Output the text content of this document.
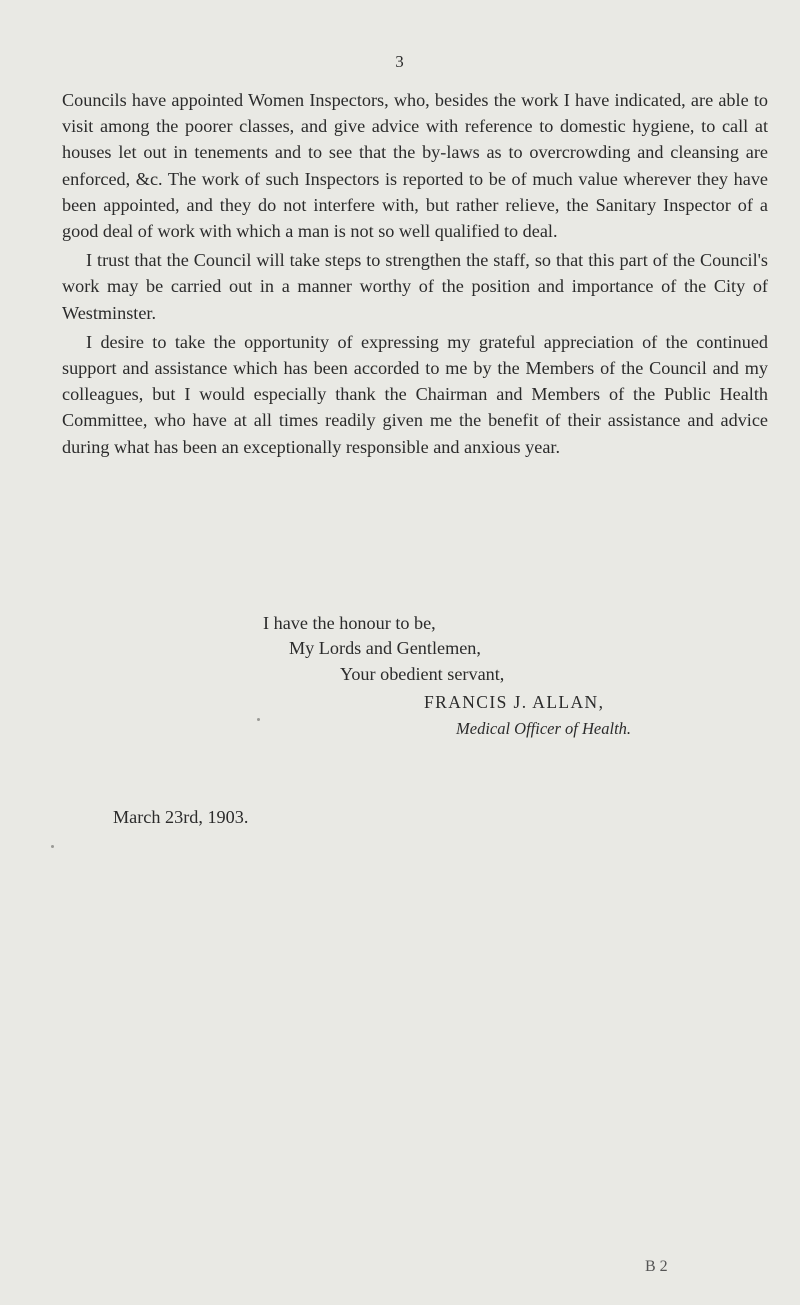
3

Councils have appointed Women Inspectors, who, besides the work I have indicated, are able to visit among the poorer classes, and give advice with reference to domestic hygiene, to call at houses let out in tenements and to see that the by-laws as to overcrowding and cleansing are enforced, &c. The work of such Inspectors is reported to be of much value wherever they have been appointed, and they do not interfere with, but rather relieve, the Sanitary Inspector of a good deal of work with which a man is not so well qualified to deal.

I trust that the Council will take steps to strengthen the staff, so that this part of the Council's work may be carried out in a manner worthy of the position and importance of the City of Westminster.

I desire to take the opportunity of expressing my grateful appreciation of the continued support and assistance which has been accorded to me by the Members of the Council and my colleagues, but I would especially thank the Chairman and Members of the Public Health Committee, who have at all times readily given me the benefit of their assistance and advice during what has been an exceptionally responsible and anxious year.

I have the honour to be,
My Lords and Gentlemen,
Your obedient servant,
FRANCIS J. ALLAN,
Medical Officer of Health.
March 23rd, 1903.
B 2
